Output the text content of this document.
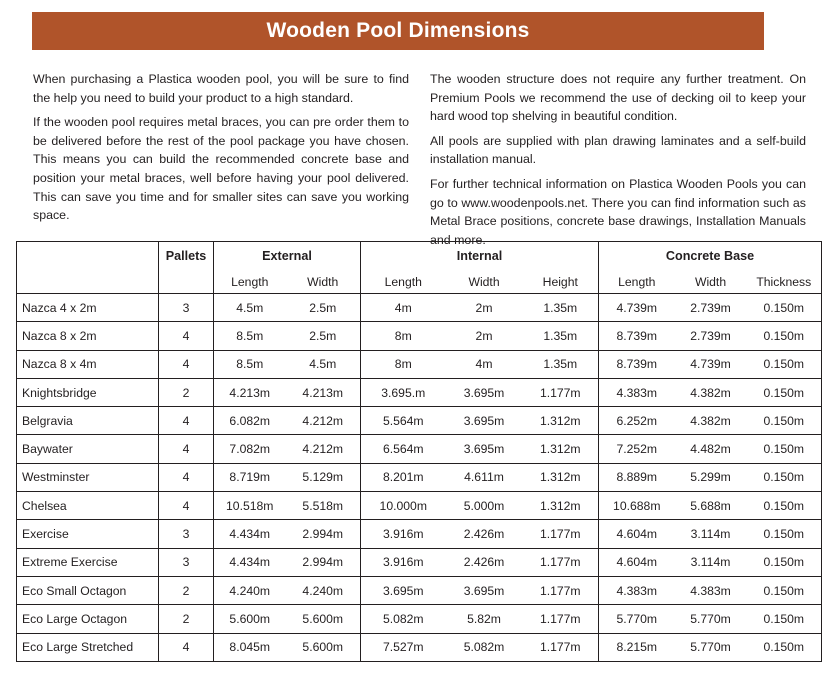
Wooden Pool Dimensions

When purchasing a Plastica wooden pool, you will be sure to find the help you need to build your product to a high standard.

If the wooden pool requires metal braces, you can pre order them to be delivered before the rest of the pool package you have chosen. This means you can build the recommended concrete base and position your metal braces, well before having your pool delivered. This can save you time and for smaller sites can save you working space.

The wooden structure does not require any further treatment. On Premium Pools we recommend the use of decking oil to keep your hard wood top shelving in beautiful condition.

All pools are supplied with plan drawing laminates and a self-build installation manual.

For further technical information on Plastica Wooden Pools you can go to www.woodenpools.net. There you can find information such as Metal Brace positions, concrete base drawings, Installation Manuals and more.

	Pallets	External		Internal			Concrete Base		
		Length	Width	Length	Width	Height	Length	Width	Thickness
Nazca 4 x 2m	3	4.5m	2.5m	4m	2m	1.35m	4.739m	2.739m	0.150m
Nazca 8 x 2m	4	8.5m	2.5m	8m	2m	1.35m	8.739m	2.739m	0.150m
Nazca 8 x 4m	4	8.5m	4.5m	8m	4m	1.35m	8.739m	4.739m	0.150m
Knightsbridge	2	4.213m	4.213m	3.695.m	3.695m	1.177m	4.383m	4.382m	0.150m
Belgravia	4	6.082m	4.212m	5.564m	3.695m	1.312m	6.252m	4.382m	0.150m
Baywater	4	7.082m	4.212m	6.564m	3.695m	1.312m	7.252m	4.482m	0.150m
Westminster	4	8.719m	5.129m	8.201m	4.611m	1.312m	8.889m	5.299m	0.150m
Chelsea	4	10.518m	5.518m	10.000m	5.000m	1.312m	10.688m	5.688m	0.150m
Exercise	3	4.434m	2.994m	3.916m	2.426m	1.177m	4.604m	3.114m	0.150m
Extreme Exercise	3	4.434m	2.994m	3.916m	2.426m	1.177m	4.604m	3.114m	0.150m
Eco Small Octagon	2	4.240m	4.240m	3.695m	3.695m	1.177m	4.383m	4.383m	0.150m
Eco Large Octagon	2	5.600m	5.600m	5.082m	5.82m	1.177m	5.770m	5.770m	0.150m
Eco Large Stretched	4	8.045m	5.600m	7.527m	5.082m	1.177m	8.215m	5.770m	0.150m
